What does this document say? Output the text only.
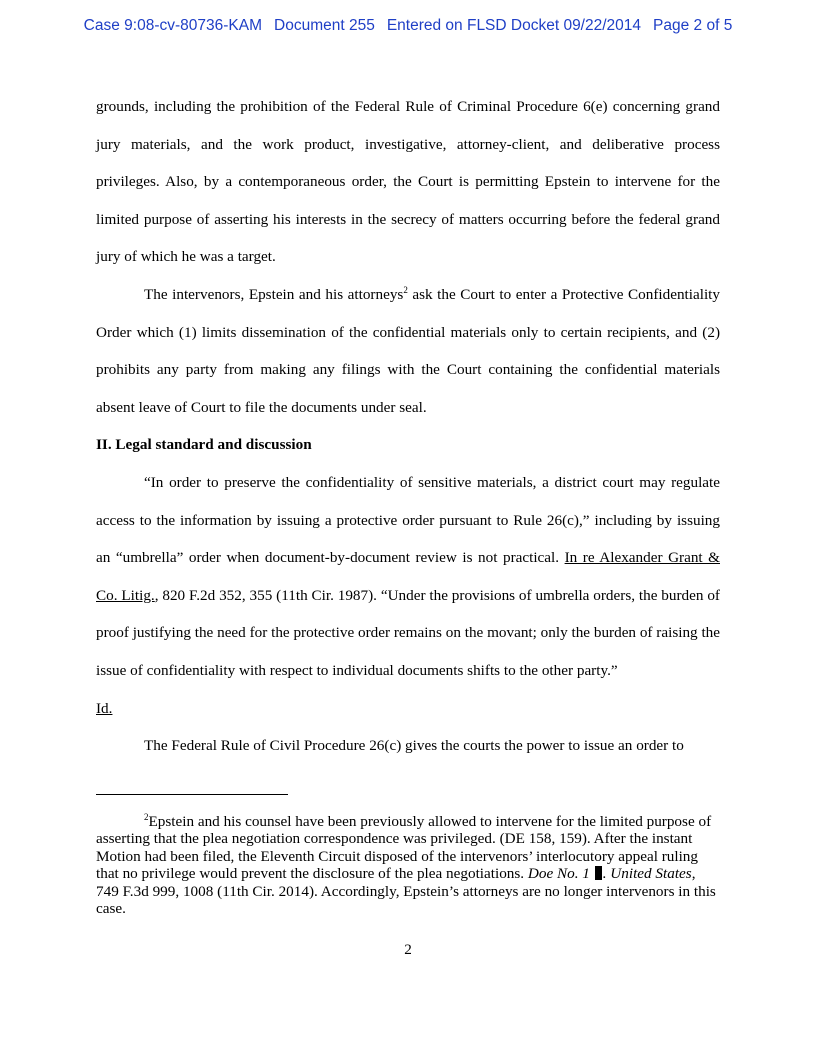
Case 9:08-cv-80736-KAM Document 255 Entered on FLSD Docket 09/22/2014 Page 2 of 5

grounds, including the prohibition of the Federal Rule of Criminal Procedure 6(e) concerning grand jury materials, and the work product, investigative, attorney-client, and deliberative process privileges. Also, by a contemporaneous order, the Court is permitting Epstein to intervene for the limited purpose of asserting his interests in the secrecy of matters occurring before the federal grand jury of which he was a target.

The intervenors, Epstein and his attorneys$^2$ ask the Court to enter a Protective Confidentiality Order which (1) limits dissemination of the confidential materials only to certain recipients, and (2) prohibits any party from making any filings with the Court containing the confidential materials absent leave of Court to file the documents under seal.

II. Legal standard and discussion

“In order to preserve the confidentiality of sensitive materials, a district court may regulate access to the information by issuing a protective order pursuant to Rule 26(c),” including by issuing an “umbrella” order when document-by-document review is not practical. In re Alexander Grant & Co. Litig., 820 F.2d 352, 355 (11th Cir. 1987). “Under the provisions of umbrella orders, the burden of proof justifying the need for the protective order remains on the movant; only the burden of raising the issue of confidentiality with respect to individual documents shifts to the other party.”
Id.

The Federal Rule of Civil Procedure 26(c) gives the courts the power to issue an order to

$^2$Epstein and his counsel have been previously allowed to intervene for the limited purpose of asserting that the plea negotiation correspondence was privileged. (DE 158, 159). After the instant Motion had been filed, the Eleventh Circuit disposed of the intervenors’ interlocutory appeal ruling that no privilege would prevent the disclosure of the plea negotiations. Doe No. 1 . United States, 749 F.3d 999, 1008 (11th Cir. 2014). Accordingly, Epstein’s attorneys are no longer intervenors in this case.
2
